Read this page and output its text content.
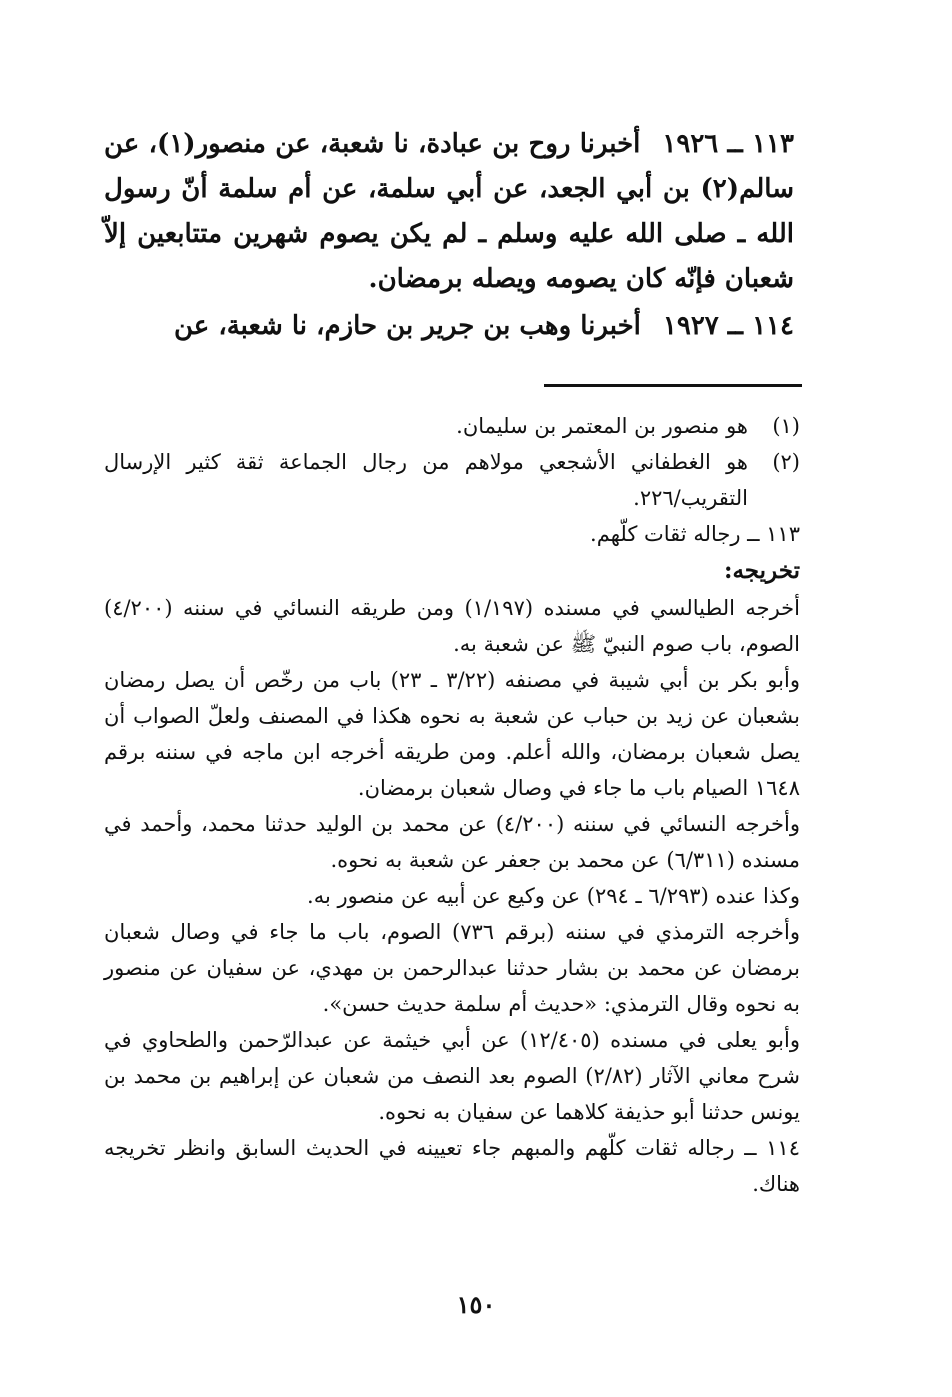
١١٣ ــ ١٩٢٦أخبرنا روح بن عبادة، نا شعبة، عن منصور(١)، عن سالم(٢) بن أبي الجعد، عن أبي سلمة، عن أم سلمة أنّ رسول الله ـ صلى الله عليه وسلم ـ لم يكن يصوم شهرين متتابعين إلاّ شعبان فإنّه كان يصومه ويصله برمضان.

١١٤ ــ ١٩٢٧أخبرنا وهب بن جرير بن حازم، نا شعبة، عن

(١)
هو منصور بن المعتمر بن سليمان.
(٢)
هو الغطفاني الأشجعي مولاهم من رجال الجماعة ثقة كثير الإرسال التقريب/٢٢٦.

١١٣ ــ رجاله ثقات كلّهم.

تخريجه:

أخرجه الطيالسي في مسنده (١/١٩٧) ومن طريقه النسائي في سننه (٤/٢٠٠) الصوم، باب صوم النبيّ ﷺ عن شعبة به.

وأبو بكر بن أبي شيبة في مصنفه (٣/٢٢ ـ ٢٣) باب من رخّص أن يصل رمضان بشعبان عن زيد بن حباب عن شعبة به نحوه هكذا في المصنف ولعلّ الصواب أن يصل شعبان برمضان، والله أعلم. ومن طريقه أخرجه ابن ماجه في سننه برقم ١٦٤٨ الصيام باب ما جاء في وصال شعبان برمضان.

وأخرجه النسائي في سننه (٤/٢٠٠) عن محمد بن الوليد حدثنا محمد، وأحمد في مسنده (٦/٣١١) عن محمد بن جعفر عن شعبة به نحوه.

وكذا عنده (٦/٢٩٣ ـ ٢٩٤) عن وكيع عن أبيه عن منصور به.

وأخرجه الترمذي في سننه (برقم ٧٣٦) الصوم، باب ما جاء في وصال شعبان برمضان عن محمد بن بشار حدثنا عبدالرحمن بن مهدي، عن سفيان عن منصور به نحوه وقال الترمذي: «حديث أم سلمة حديث حسن».

وأبو يعلى في مسنده (١٢/٤٠٥) عن أبي خيثمة عن عبدالرّحمن والطحاوي في شرح معاني الآثار (٢/٨٢) الصوم بعد النصف من شعبان عن إبراهيم بن محمد بن يونس حدثنا أبو حذيفة كلاهما عن سفيان به نحوه.

١١٤ ــ رجاله ثقات كلّهم والمبهم جاء تعيينه في الحديث السابق وانظر تخريجه هناك.

١٥٠
